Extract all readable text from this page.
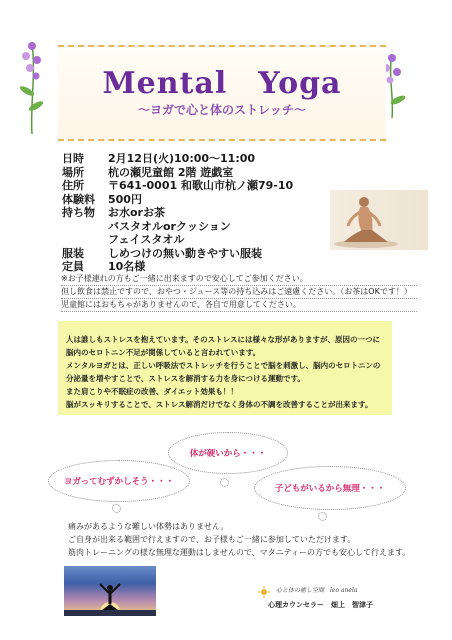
Mental　Yoga
～ヨガで心と体のストレッチ～
日時	2月12日(火)10:00～11:00
場所	杭の瀬児童館 2階 遊戯室
住所	〒641-0001 和歌山市杭ノ瀬79-10
体験料	500円
持ち物	お水orお茶
バスタオルorクッション
フェイスタオル
服装	しめつけの無い動きやすい服装
定員	10名様
※お子様連れの方もご一緒に出来ますので安心してご参加ください。
但し飲食は禁止ですので、おやつ・ジュース等の持ち込みはご遠慮ください。（お茶はOKです！）
児童館にはおもちゃがありませんので、各自で用意してください。
人は誰しもストレスを抱えています。そのストレスには様々な形がありますが、原因の一つに
脳内のセロトニン不足が関係していると言われています。
メンタルヨガとは、正しい呼吸法でストレッチを行うことで脳を刺激し、脳内のセロトニンの
分泌量を増やすことで、ストレスを解消する力を身につける運動です。
また肩こりや不眠症の改善、ダイエット効果も！！
脳がスッキリすることで、ストレス解消だけでなく身体の不調を改善することが出来ます。
体が硬いから・・・
ヨガってむずかしそう・・・
子どもがいるから無理・・・
痛みがあるような難しい体勢はありません。
ご自身が出来る範囲で行えますので、お子様もご一緒に参加していただけます。
筋肉トレーニングの様な無理な運動はしませんので、マタニティーの方でも安心して行えます。
心と体の癒し空間　leo anela
心理カウンセラー　畑上　智津子
